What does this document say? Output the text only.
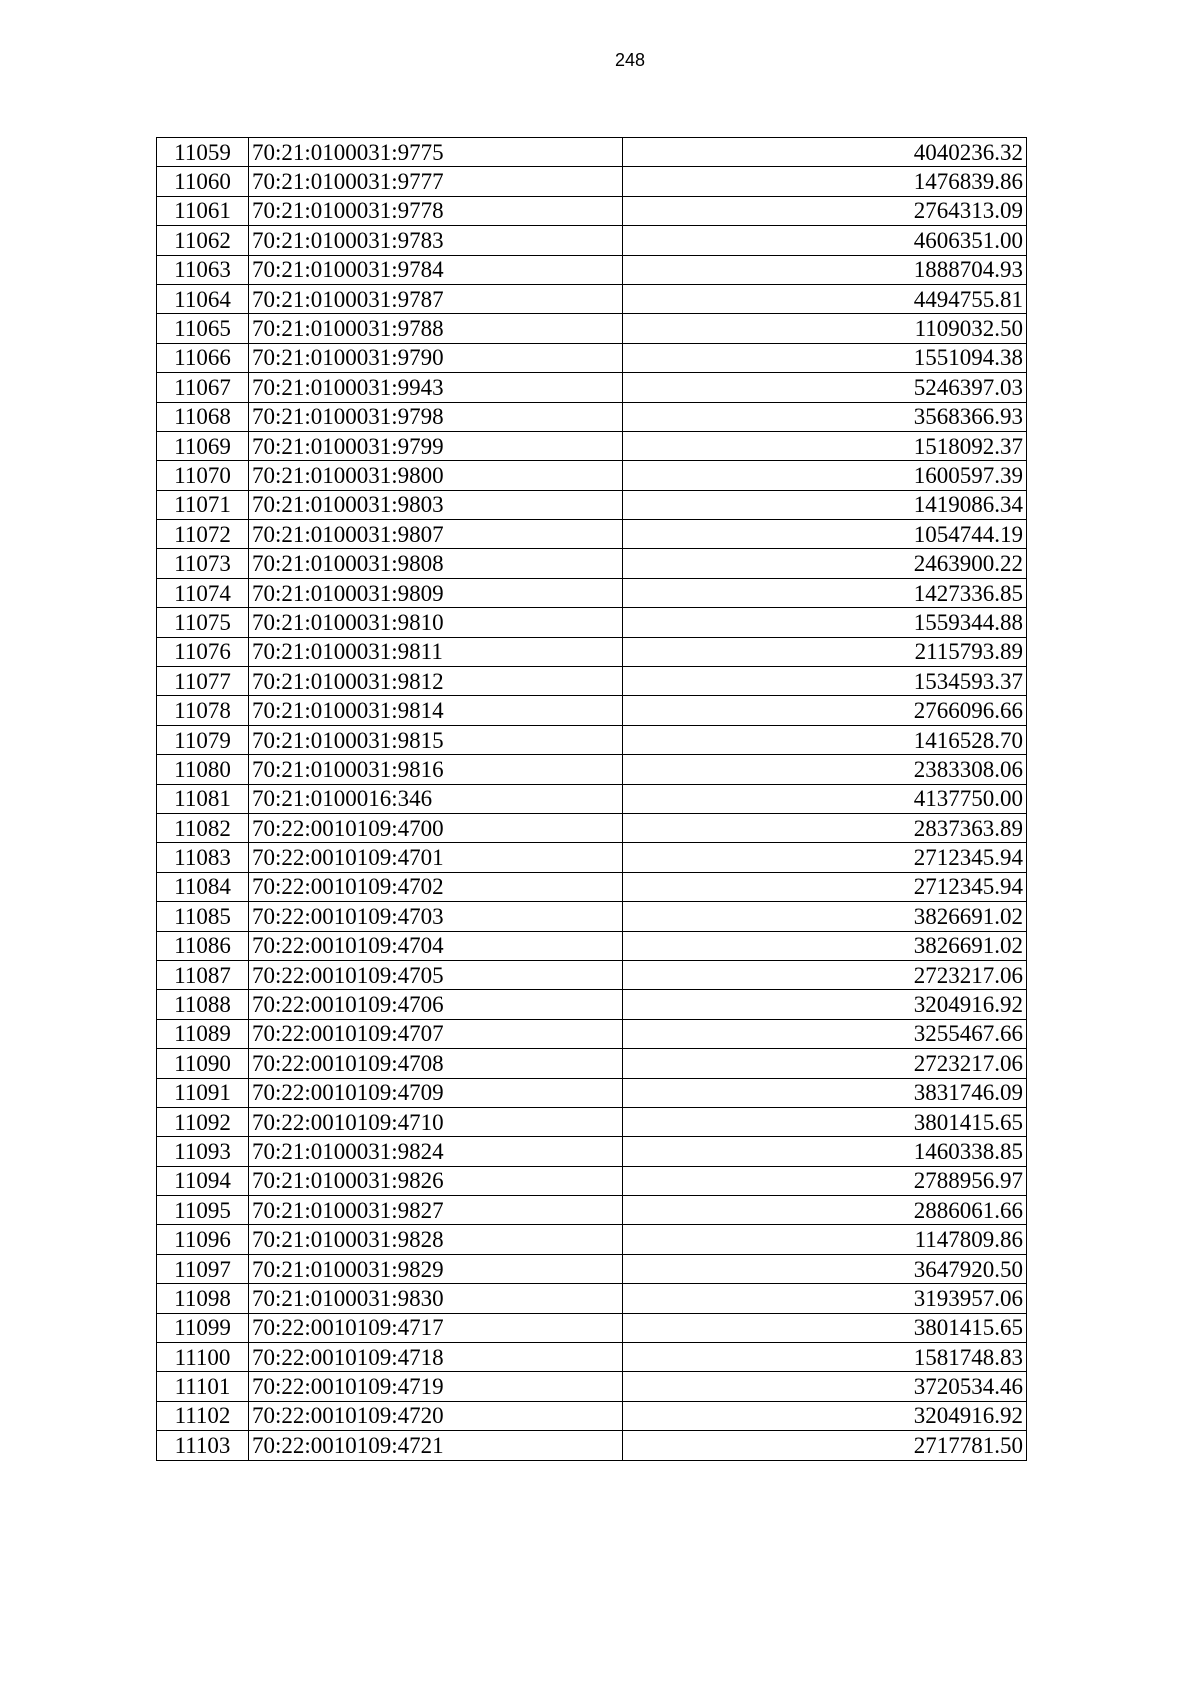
248
11059	70:21:0100031:9775	4040236.32
11060	70:21:0100031:9777	1476839.86
11061	70:21:0100031:9778	2764313.09
11062	70:21:0100031:9783	4606351.00
11063	70:21:0100031:9784	1888704.93
11064	70:21:0100031:9787	4494755.81
11065	70:21:0100031:9788	1109032.50
11066	70:21:0100031:9790	1551094.38
11067	70:21:0100031:9943	5246397.03
11068	70:21:0100031:9798	3568366.93
11069	70:21:0100031:9799	1518092.37
11070	70:21:0100031:9800	1600597.39
11071	70:21:0100031:9803	1419086.34
11072	70:21:0100031:9807	1054744.19
11073	70:21:0100031:9808	2463900.22
11074	70:21:0100031:9809	1427336.85
11075	70:21:0100031:9810	1559344.88
11076	70:21:0100031:9811	2115793.89
11077	70:21:0100031:9812	1534593.37
11078	70:21:0100031:9814	2766096.66
11079	70:21:0100031:9815	1416528.70
11080	70:21:0100031:9816	2383308.06
11081	70:21:0100016:346	4137750.00
11082	70:22:0010109:4700	2837363.89
11083	70:22:0010109:4701	2712345.94
11084	70:22:0010109:4702	2712345.94
11085	70:22:0010109:4703	3826691.02
11086	70:22:0010109:4704	3826691.02
11087	70:22:0010109:4705	2723217.06
11088	70:22:0010109:4706	3204916.92
11089	70:22:0010109:4707	3255467.66
11090	70:22:0010109:4708	2723217.06
11091	70:22:0010109:4709	3831746.09
11092	70:22:0010109:4710	3801415.65
11093	70:21:0100031:9824	1460338.85
11094	70:21:0100031:9826	2788956.97
11095	70:21:0100031:9827	2886061.66
11096	70:21:0100031:9828	1147809.86
11097	70:21:0100031:9829	3647920.50
11098	70:21:0100031:9830	3193957.06
11099	70:22:0010109:4717	3801415.65
11100	70:22:0010109:4718	1581748.83
11101	70:22:0010109:4719	3720534.46
11102	70:22:0010109:4720	3204916.92
11103	70:22:0010109:4721	2717781.50
